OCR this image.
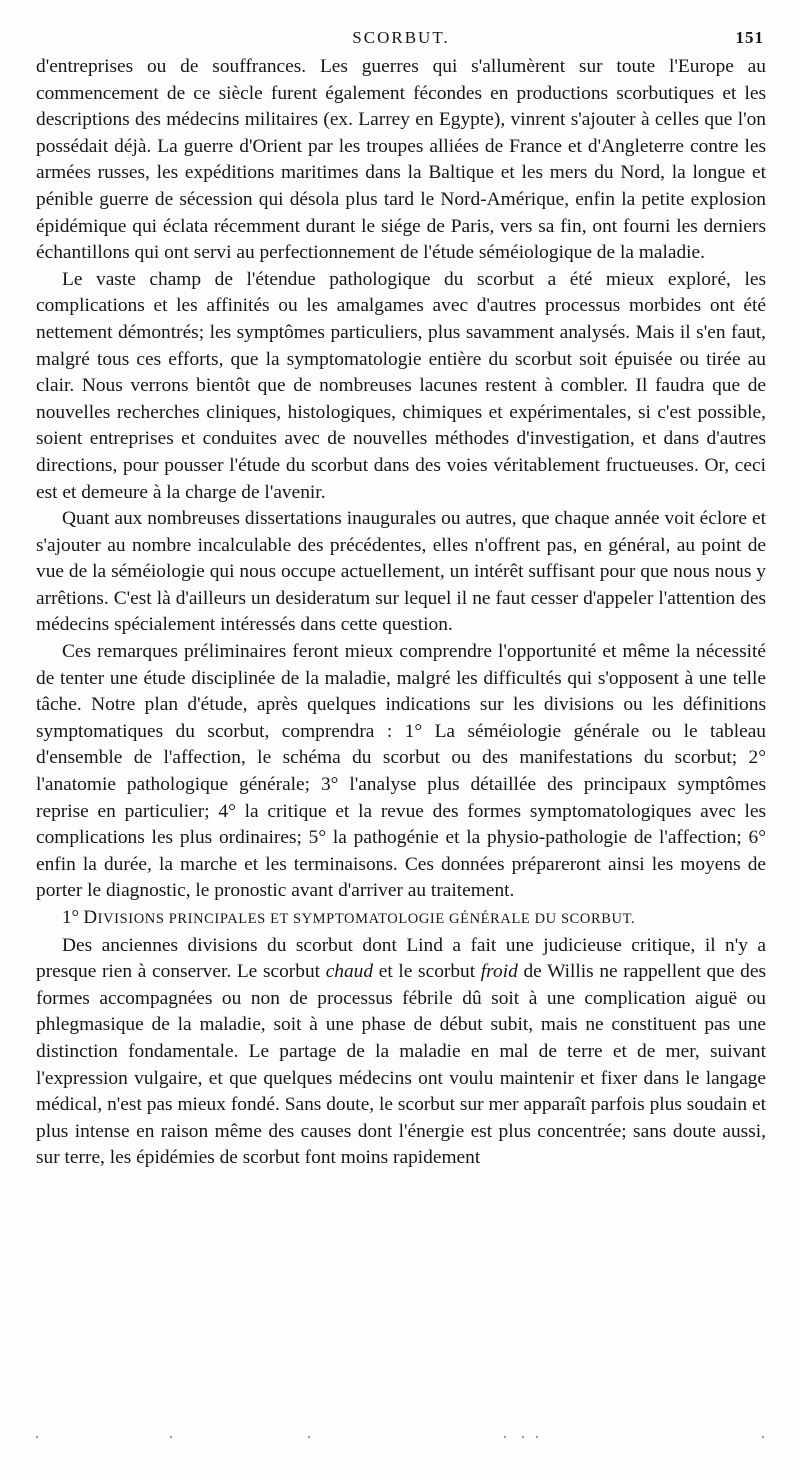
SCORBUT.	151

d'entreprises ou de souffrances. Les guerres qui s'allumèrent sur toute l'Europe au commencement de ce siècle furent également fécondes en productions scorbutiques et les descriptions des médecins militaires (ex. Larrey en Egypte), vinrent s'ajouter à celles que l'on possédait déjà. La guerre d'Orient par les troupes alliées de France et d'Angleterre contre les armées russes, les expéditions maritimes dans la Baltique et les mers du Nord, la longue et pénible guerre de sécession qui désola plus tard le Nord-Amérique, enfin la petite explosion épidémique qui éclata récemment durant le siége de Paris, vers sa fin, ont fourni les derniers échantillons qui ont servi au perfectionnement de l'étude séméiologique de la maladie.

Le vaste champ de l'étendue pathologique du scorbut a été mieux exploré, les complications et les affinités ou les amalgames avec d'autres processus morbides ont été nettement démontrés; les symptômes particuliers, plus savamment analysés. Mais il s'en faut, malgré tous ces efforts, que la symptomatologie entière du scorbut soit épuisée ou tirée au clair. Nous verrons bientôt que de nombreuses lacunes restent à combler. Il faudra que de nouvelles recherches cliniques, histologiques, chimiques et expérimentales, si c'est possible, soient entreprises et conduites avec de nouvelles méthodes d'investigation, et dans d'autres directions, pour pousser l'étude du scorbut dans des voies véritablement fructueuses. Or, ceci est et demeure à la charge de l'avenir.

Quant aux nombreuses dissertations inaugurales ou autres, que chaque année voit éclore et s'ajouter au nombre incalculable des précédentes, elles n'offrent pas, en général, au point de vue de la séméiologie qui nous occupe actuellement, un intérêt suffisant pour que nous nous y arrêtions. C'est là d'ailleurs un desideratum sur lequel il ne faut cesser d'appeler l'attention des médecins spécialement intéressés dans cette question.

Ces remarques préliminaires feront mieux comprendre l'opportunité et même la nécessité de tenter une étude disciplinée de la maladie, malgré les difficultés qui s'opposent à une telle tâche. Notre plan d'étude, après quelques indications sur les divisions ou les définitions symptomatiques du scorbut, comprendra : 1° La séméiologie générale ou le tableau d'ensemble de l'affection, le schéma du scorbut ou des manifestations du scorbut; 2° l'anatomie pathologique générale; 3° l'analyse plus détaillée des principaux symptômes reprise en particulier; 4° la critique et la revue des formes symptomatologiques avec les complications les plus ordinaires; 5° la pathogénie et la physio-pathologie de l'affection; 6° enfin la durée, la marche et les terminaisons. Ces données prépareront ainsi les moyens de porter le diagnostic, le pronostic avant d'arriver au traitement.

1° DIVISIONS PRINCIPALES ET SYMPTOMATOLOGIE GÉNÉRALE DU SCORBUT.

Des anciennes divisions du scorbut dont Lind a fait une judicieuse critique, il n'y a presque rien à conserver. Le scorbut chaud et le scorbut froid de Willis ne rappellent que des formes accompagnées ou non de processus fébrile dû soit à une complication aiguë ou phlegmasique de la maladie, soit à une phase de début subit, mais ne constituent pas une distinction fondamentale. Le partage de la maladie en mal de terre et de mer, suivant l'expression vulgaire, et que quelques médecins ont voulu maintenir et fixer dans le langage médical, n'est pas mieux fondé. Sans doute, le scorbut sur mer apparaît parfois plus soudain et plus intense en raison même des causes dont l'énergie est plus concentrée; sans doute aussi, sur terre, les épidémies de scorbut font moins rapidement
